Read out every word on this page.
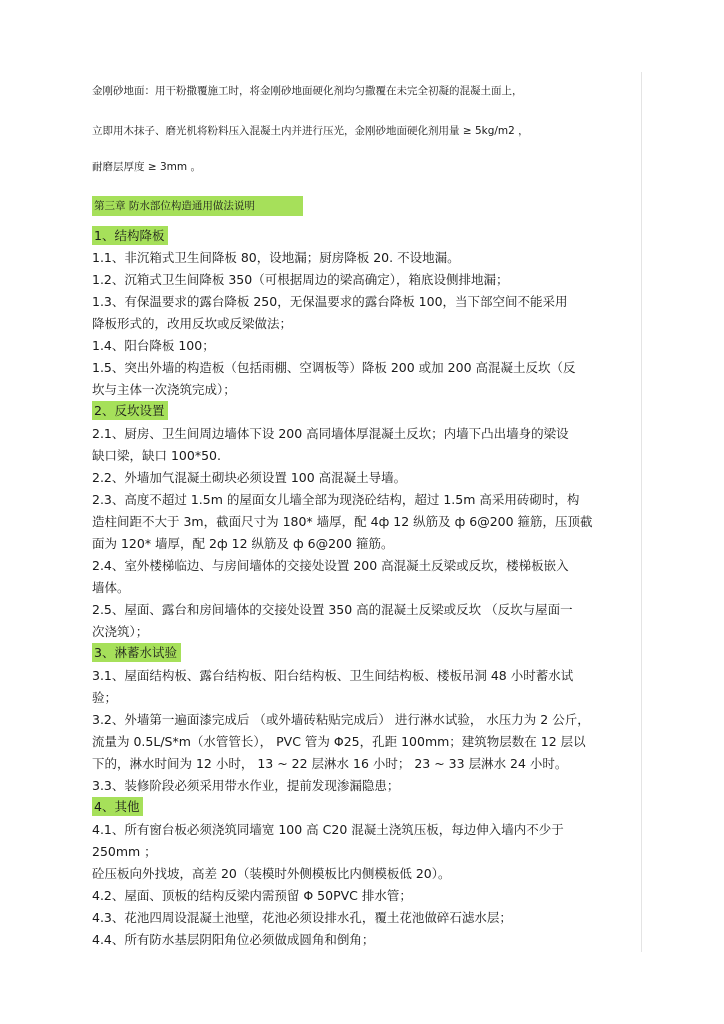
金刚砂地面：用干粉撒覆施工时，将金刚砂地面硬化剂均匀撒覆在未完全初凝的混凝土面上，
立即用木抹子、磨光机将粉料压入混凝土内并进行压光，金刚砂地面硬化剂用量 ≥ 5kg/m2 ，
耐磨层厚度 ≥ 3mm 。
第三章 防水部位构造通用做法说明
1、结构降板
1.1、非沉箱式卫生间降板 80，设地漏；厨房降板 20. 不设地漏。
1.2、沉箱式卫生间降板 350（可根据周边的梁高确定），箱底设侧排地漏；
1.3、有保温要求的露台降板 250，无保温要求的露台降板 100，当下部空间不能采用
降板形式的，改用反坎或反梁做法；
1.4、阳台降板 100；
1.5、突出外墙的构造板（包括雨棚、空调板等）降板 200 或加 200 高混凝土反坎（反
坎与主体一次浇筑完成）；
2、反坎设置
2.1、厨房、卫生间周边墙体下设 200 高同墙体厚混凝土反坎；内墙下凸出墙身的梁设
缺口梁，缺口 100*50.
2.2、外墙加气混凝土砌块必须设置 100 高混凝土导墙。
2.3、高度不超过 1.5m 的屋面女儿墙全部为现浇砼结构，超过 1.5m 高采用砖砌时，构
造柱间距不大于 3m，截面尺寸为 180* 墙厚，配 4ф 12 纵筋及 ф 6@200 箍筋，压顶截
面为 120* 墙厚，配 2ф 12 纵筋及 ф 6@200 箍筋。
2.4、室外楼梯临边、与房间墙体的交接处设置 200 高混凝土反梁或反坎，楼梯板嵌入
墙体。
2.5、屋面、露台和房间墙体的交接处设置 350 高的混凝土反梁或反坎 （反坎与屋面一
次浇筑）；
3、淋蓄水试验
3.1、屋面结构板、露台结构板、阳台结构板、卫生间结构板、楼板吊洞 48 小时蓄水试
验；
3.2、外墙第一遍面漆完成后 （或外墙砖粘贴完成后） 进行淋水试验， 水压力为 2 公斤，
流量为 0.5L/S*m（水管管长）， PVC 管为 Φ25，孔距 100mm；建筑物层数在 12 层以
下的，淋水时间为 12 小时， 13 ~ 22 层淋水 16 小时； 23 ~ 33 层淋水 24 小时。
3.3、装修阶段必须采用带水作业，提前发现渗漏隐患；
4、其他
4.1、所有窗台板必须浇筑同墙宽 100 高 C20 混凝土浇筑压板，每边伸入墙内不少于
250mm ；
砼压板向外找坡，高差 20（装模时外侧模板比内侧模板低 20）。
4.2、屋面、顶板的结构反梁内需预留 Φ 50PVC 排水管；
4.3、花池四周设混凝土池壁，花池必须设排水孔，覆土花池做碎石滤水层；
4.4、所有防水基层阴阳角位必须做成圆角和倒角；
